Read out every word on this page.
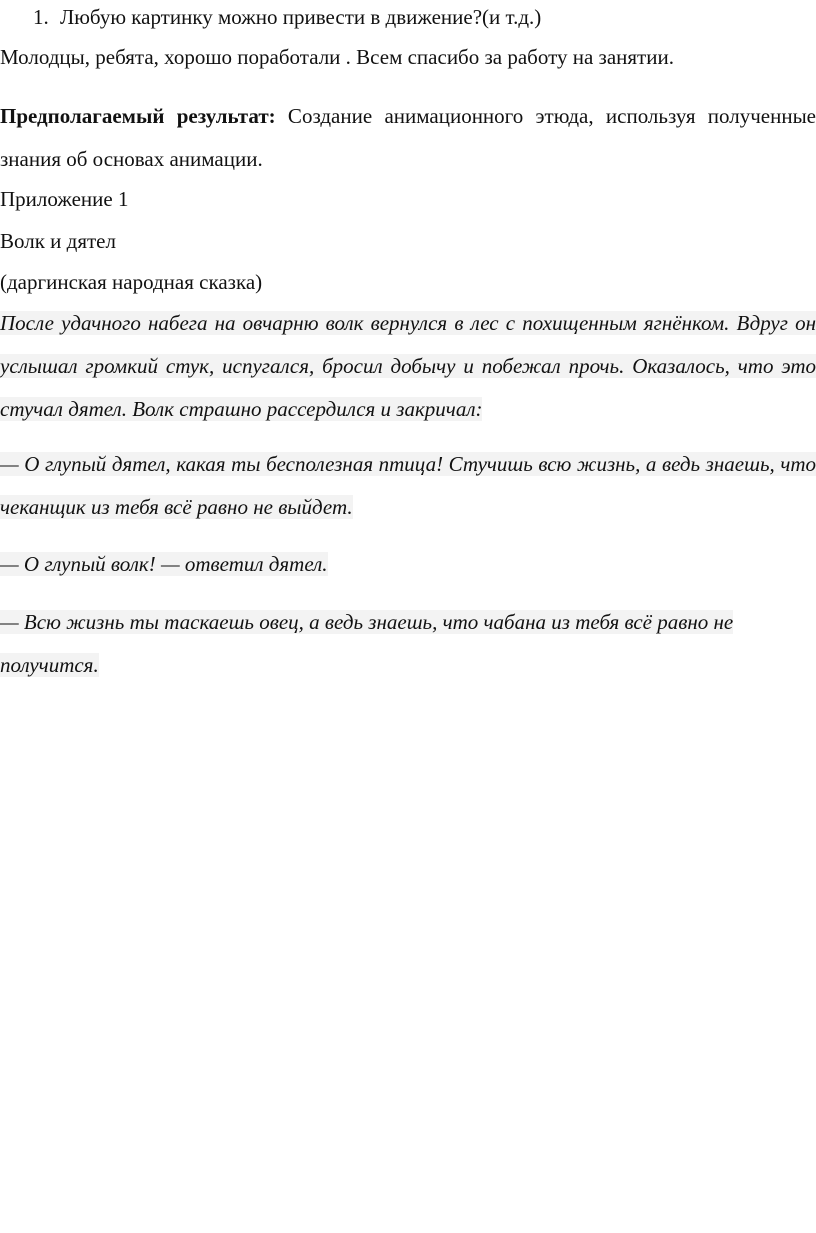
1. Любую картинку можно привести в движение?(и т.д.)
Молодцы, ребята, хорошо поработали . Всем спасибо за работу на занятии.
Предполагаемый результат: Создание анимационного этюда, используя полученные знания об основах анимации.
Приложение 1
Волк и дятел
(даргинская народная сказка)
После удачного набега на овчарню волк вернулся в лес с похищенным ягнёнком. Вдруг он услышал громкий стук, испугался, бросил добычу и побежал прочь. Оказалось, что это стучал дятел. Волк страшно рассердился и закричал:
— О глупый дятел, какая ты бесполезная птица! Стучишь всю жизнь, а ведь знаешь, что чеканщик из тебя всё равно не выйдет.
— О глупый волк! — ответил дятел.
— Всю жизнь ты таскаешь овец, а ведь знаешь, что чабана из тебя всё равно не получится.
